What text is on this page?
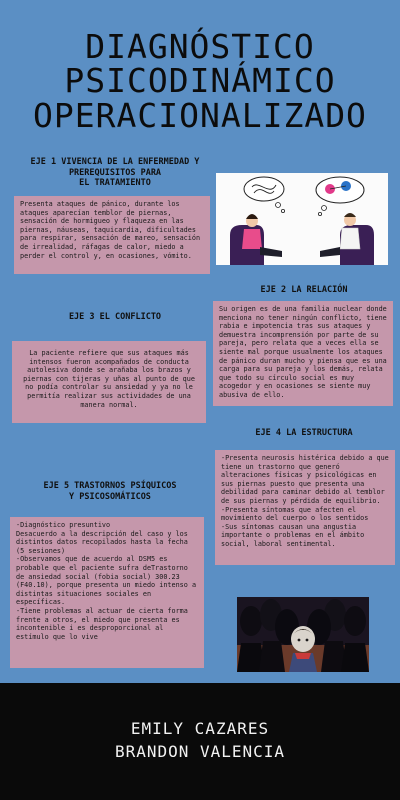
DIAGNÓSTICO
PSICODINÁMICO
OPERACIONALIZADO
EJE 1 VIVENCIA DE LA ENFERMEDAD Y
PREREQUISITOS PARA
EL TRATAMIENTO
Presenta ataques de pánico, durante los ataques aparecían temblor de piernas, sensación de hormigueo y flaqueza en las piernas, náuseas, taquicardia, dificultades para respirar, sensación de mareo, sensación de irrealidad, ráfagas de calor, miedo a perder el control y, en ocasiones, vómito.
EJE 2 LA RELACIÓN
Su origen es de una familia nuclear donde menciona no tener ningún conflicto, tiene rabia e impotencia tras sus ataques y demuestra incomprensión por parte de su pareja, pero relata que a veces ella se siente mal porque usualmente los ataques de pánico duran mucho y piensa que es una carga para su pareja y los demás, relata que todo su círculo social es muy acogedor y en ocasiones se siente muy abusiva de ello.
EJE 3 EL CONFLICTO
La paciente refiere que sus ataques más intensos fueron acompañados de conducta autolesiva donde se arañaba los brazos y piernas con tijeras y uñas al punto de que no podía controlar su ansiedad y ya no le permitía realizar sus actividades de una manera normal.
EJE 4 LA ESTRUCTURA
-Presenta neurosis histérica debido a que tiene un trastorno que generó alteraciones físicas y psicológicas en sus piernas puesto que presenta una debilidad para caminar debido al temblor de sus piernas y pérdida de equilibrio.
-Presenta síntomas que afecten el movimiento del cuerpo o los sentidos
-Sus síntomas causan una angustia importante o problemas en el ámbito social, laboral sentimental.
EJE 5 TRASTORNOS PSÍQUICOS
Y PSICOSOMÁTICOS
-Diagnóstico presuntivo
Desacuerdo a la descripción del caso y los distintos datos recopilados hasta la fecha (5 sesiones)
-Observamos que de acuerdo al DSM5 es probable que el paciente sufra deTrastorno de ansiedad social (fobia social) 300.23 (F40.10), porque presenta un miedo intenso a distintas situaciones sociales en específicas.
-Tiene problemas al actuar de cierta forma frente a otros, el miedo que presenta es incontenible i es desproporcional al estímulo que lo vive
EMILY CAZARES
BRANDON VALENCIA
